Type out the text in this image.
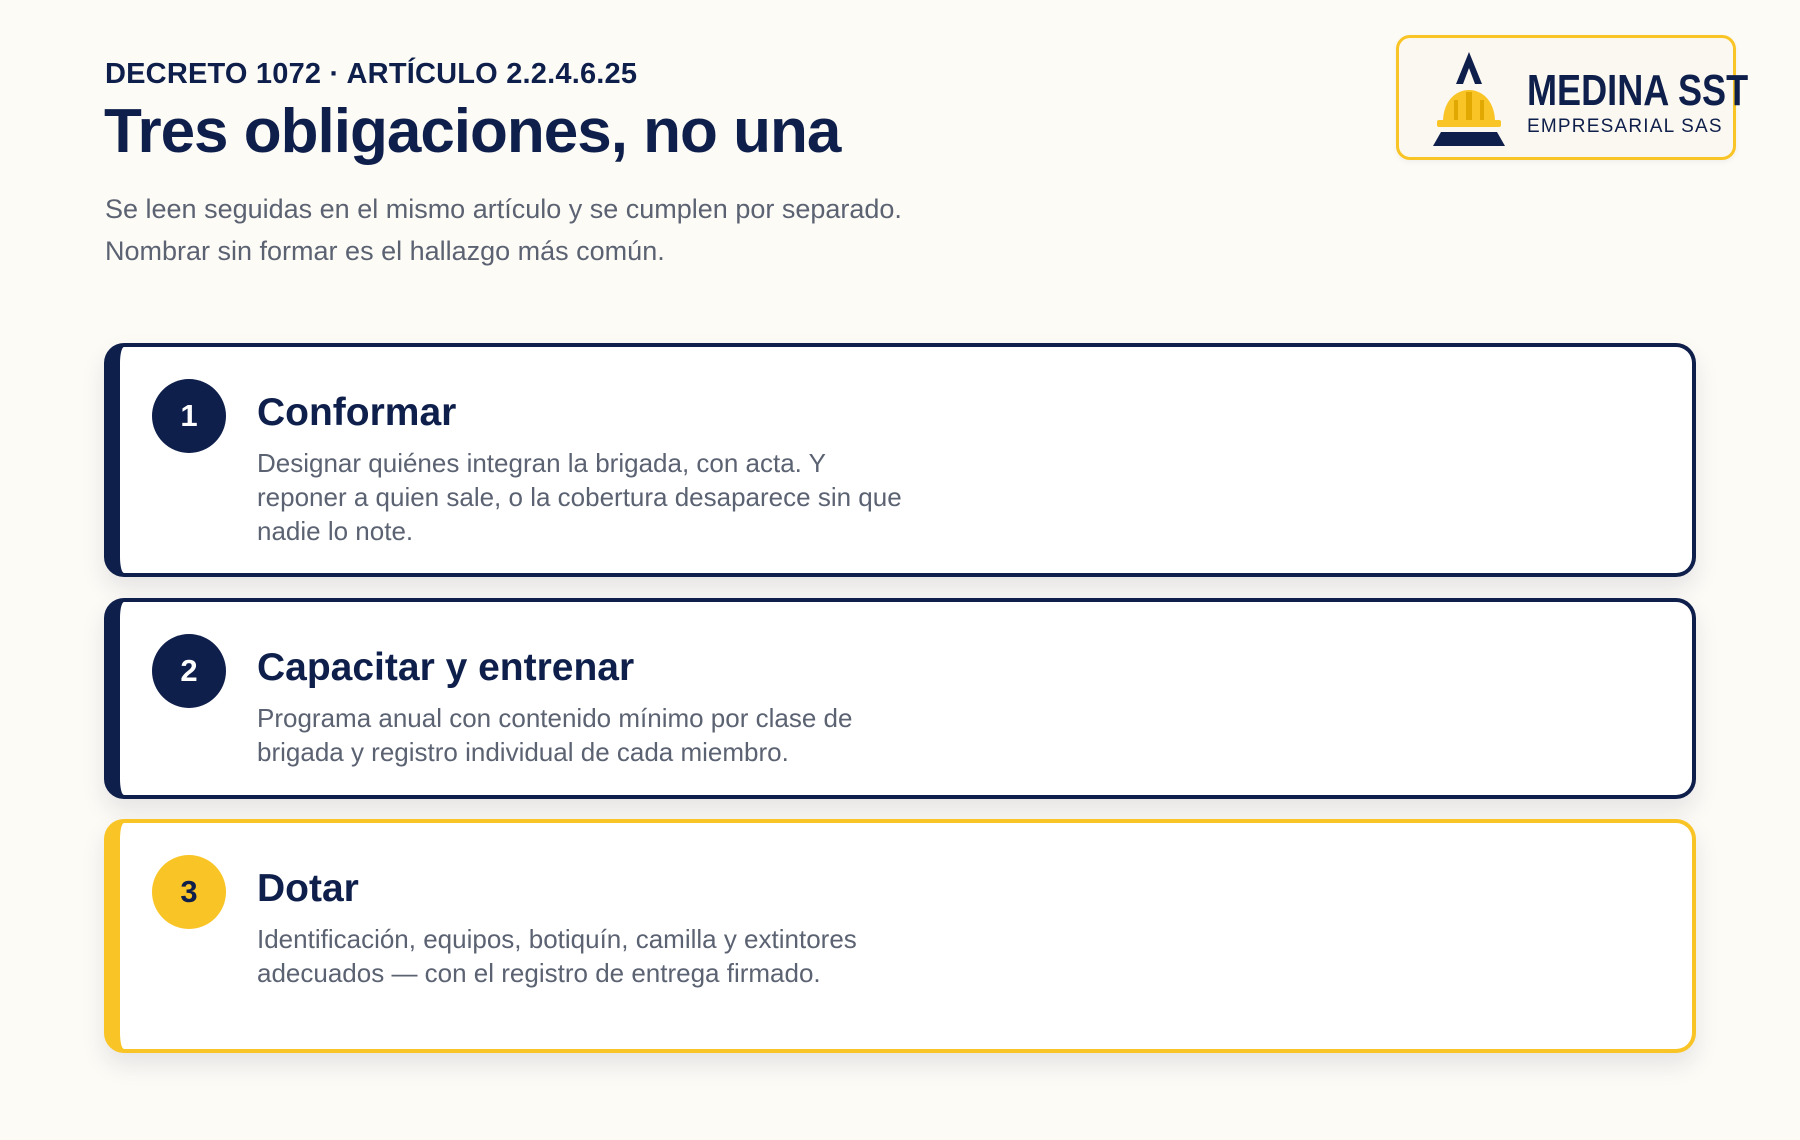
DECRETO 1072 · ARTÍCULO 2.2.4.6.25
Tres obligaciones, no una
Se leen seguidas en el mismo artículo y se cumplen por separado. Nombrar sin formar es el hallazgo más común.
MEDINA SST
EMPRESARIAL SAS
1	Conformar
Designar quiénes integran la brigada, con acta. Y reponer a quien sale, o la cobertura desaparece sin que nadie lo note.
2	Capacitar y entrenar
Programa anual con contenido mínimo por clase de brigada y registro individual de cada miembro.
3	Dotar
Identificación, equipos, botiquín, camilla y extintores adecuados — con el registro de entrega firmado.
